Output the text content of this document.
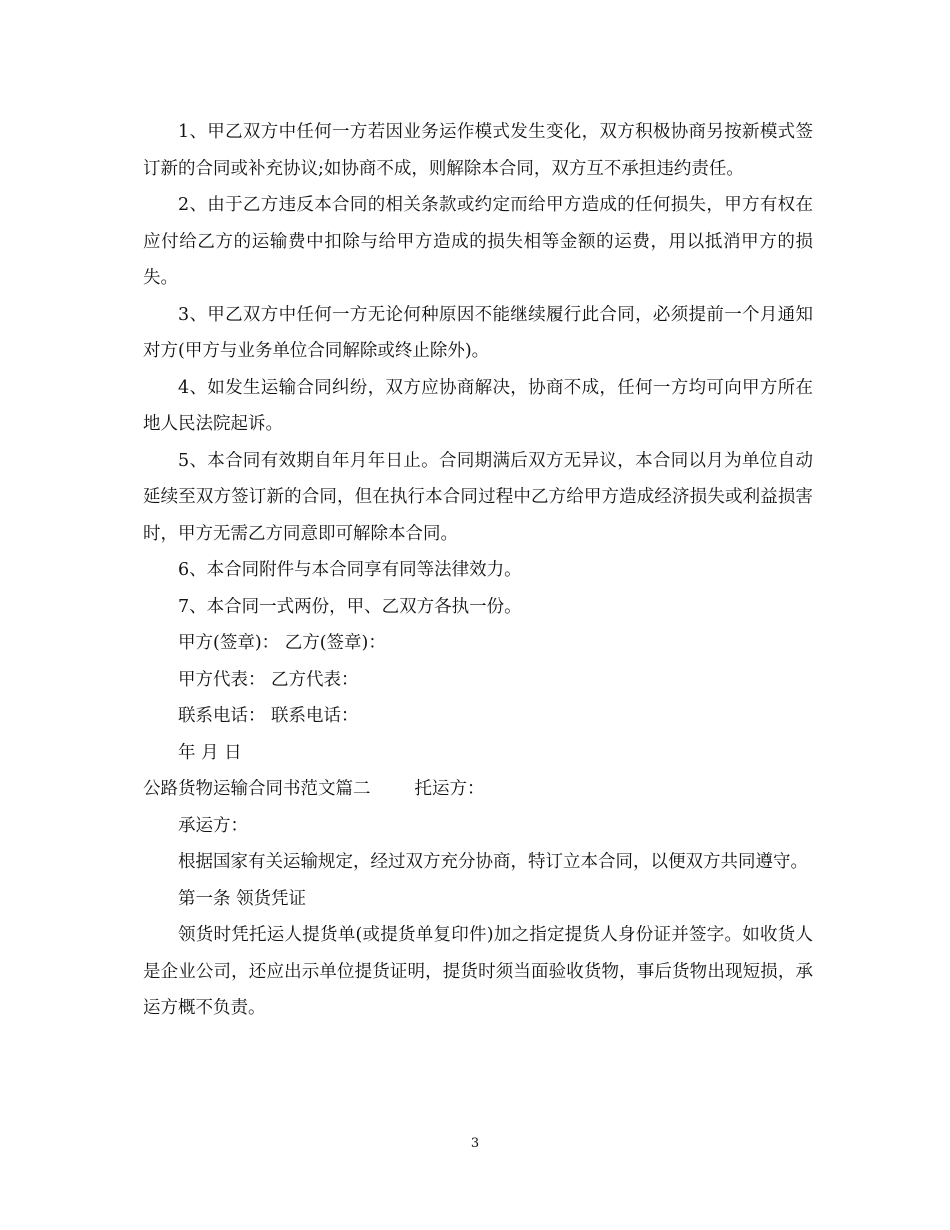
1、甲乙双方中任何一方若因业务运作模式发生变化，双方积极协商另按新模式签订新的合同或补充协议;如协商不成，则解除本合同，双方互不承担违约责任。

2、由于乙方违反本合同的相关条款或约定而给甲方造成的任何损失，甲方有权在应付给乙方的运输费中扣除与给甲方造成的损失相等金额的运费，用以抵消甲方的损失。

3、甲乙双方中任何一方无论何种原因不能继续履行此合同，必须提前一个月通知对方(甲方与业务单位合同解除或终止除外)。

4、如发生运输合同纠纷，双方应协商解决，协商不成，任何一方均可向甲方所在地人民法院起诉。

5、本合同有效期自年月年日止。合同期满后双方无异议，本合同以月为单位自动延续至双方签订新的合同，但在执行本合同过程中乙方给甲方造成经济损失或利益损害时，甲方无需乙方同意即可解除本合同。

6、本合同附件与本合同享有同等法律效力。

7、本合同一式两份，甲、乙双方各执一份。

甲方(签章)： 乙方(签章)：

甲方代表： 乙方代表：

联系电话： 联系电话：

年 月 日

公路货物运输合同书范文篇二	托运方：

承运方：

根据国家有关运输规定，经过双方充分协商，特订立本合同，以便双方共同遵守。

第一条 领货凭证

领货时凭托运人提货单(或提货单复印件)加之指定提货人身份证并签字。如收货人是企业公司，还应出示单位提货证明，提货时须当面验收货物，事后货物出现短损，承运方概不负责。

3
